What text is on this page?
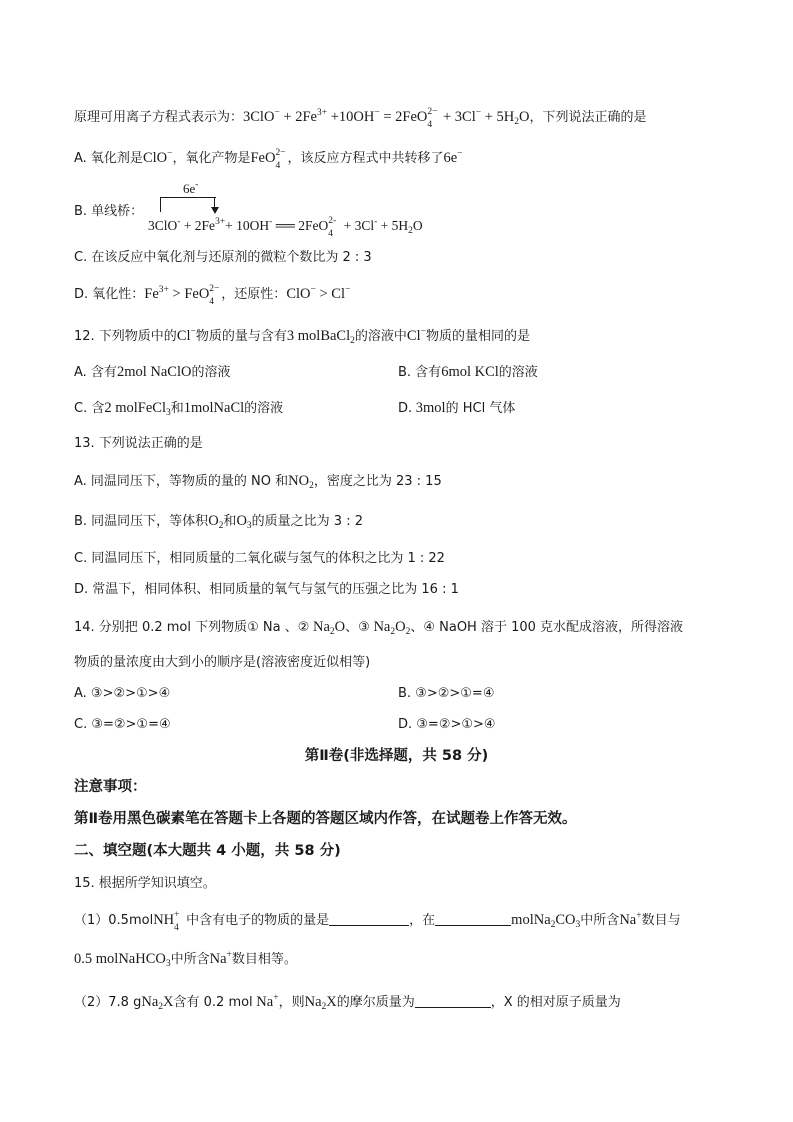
原理可用离子方程式表示为：$3ClO^- + 2Fe^{3+} +10OH^- = 2FeO$ 2−
$4 + 3Cl^- + 5H_2O$，下列说法正确的是
A. 氧化剂是ClO−，氧化产物是FeO 2−
4 ，该反应方程式中共转移了6e−
B. 单线桥：
6e-
$3ClO^- + 2Fe^{3+}+ 10OH^-$ ══ 2FeO 2-
4
+ $3Cl^- + 5H_2O$
C. 在该反应中氧化剂与还原剂的微粒个数比为 2 : 3
D. 氧化性：$Fe^{3+}$ > FeO 2−
4 ，还原性：ClO− > Cl−
12. 下列物质中的Cl−物质的量与含有3 molBaCl$_2$的溶液中Cl−物质的量相同的是
A. 含有2mol NaClO的溶液	B. 含有6mol KCl的溶液
C. 含2 molFeCl$_3$和1molNaCl的溶液	D. 3mol的 HCl 气体
13. 下列说法正确的是
A. 同温同压下，等物质的量的 NO 和$NO_2$，密度之比为 23 : 15
B. 同温同压下，等体积$O_2$和$O_3$的质量之比为 3 : 2
C. 同温同压下，相同质量的二氧化碳与氢气的体积之比为 1 : 22
D. 常温下，相同体积、相同质量的氧气与氢气的压强之比为 16 : 1
14. 分别把 0.2 mol 下列物质① Na 、② $Na_2O$、③ $Na_2O_2$、④ NaOH 溶于 100 克水配成溶液，所得溶液
物质的量浓度由大到小的顺序是(溶液密度近似相等)
A. ③>②>①>④	B. ③>②>①=④
C. ③=②>①=④	D. ③=②>①>④
第Ⅱ卷(非选择题，共 58 分)
注意事项：
第Ⅱ卷用黑色碳素笔在答题卡上各题的答题区域内作答，在试题卷上作答无效。
二、填空题(本大题共 4 小题，共 58 分)
15. 根据所学知识填空。
（1）0.5molNH +
4 中含有电子的物质的量是	，在	$molNa_2CO_3$中所含Na+数目与
0.5 molNaHCO$_3$中所含Na+数目相等。
（2）7.8 gNa$_2$X含有 0.2 mol Na+，则$Na_2X$的摩尔质量为	，X 的相对原子质量为
